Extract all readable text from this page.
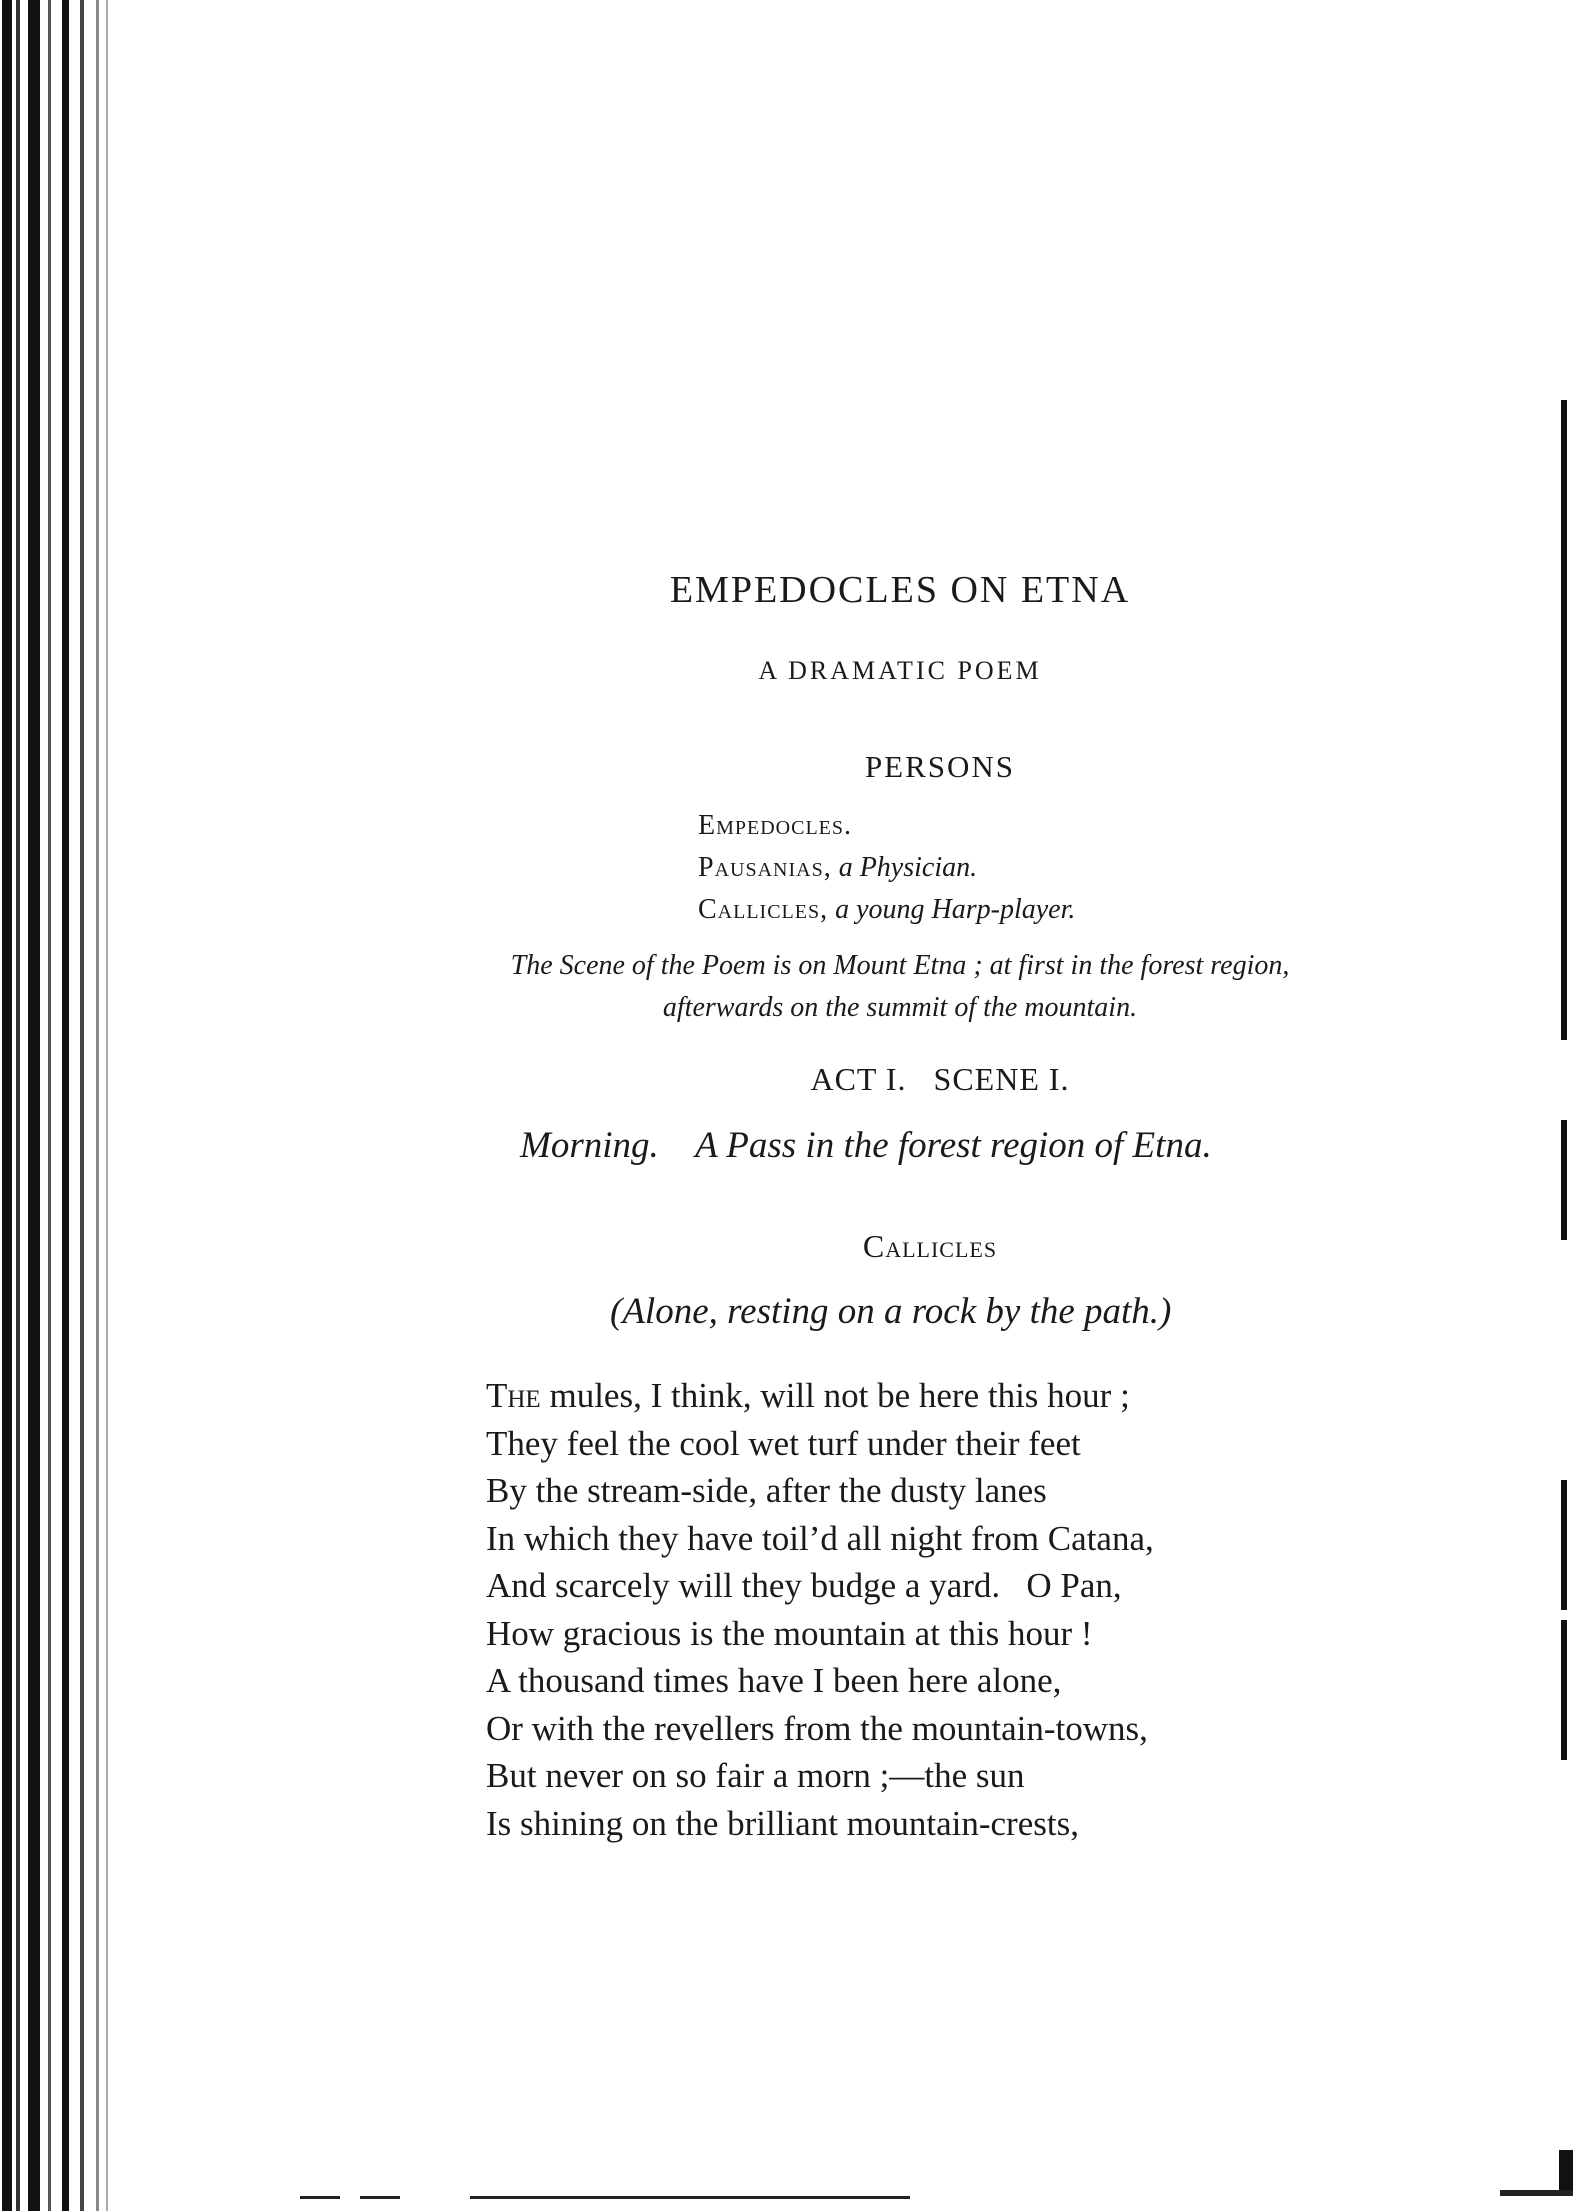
EMPEDOCLES ON ETNA
A DRAMATIC POEM
PERSONS
Empedocles.
Pausanias, a Physician.
Callicles, a young Harp-player.
The Scene of the Poem is on Mount Etna ; at first in the forest region,
afterwards on the summit of the mountain.
ACT I.   SCENE I.
Morning.    A Pass in the forest region of Etna.
Callicles
(Alone, resting on a rock by the path.)
The mules, I think, will not be here this hour ;
They feel the cool wet turf under their feet
By the stream-side, after the dusty lanes
In which they have toil’d all night from Catana,
And scarcely will they budge a yard.   O Pan,
How gracious is the mountain at this hour !
A thousand times have I been here alone,
Or with the revellers from the mountain-towns,
But never on so fair a morn ;—the sun
Is shining on the brilliant mountain-crests,
